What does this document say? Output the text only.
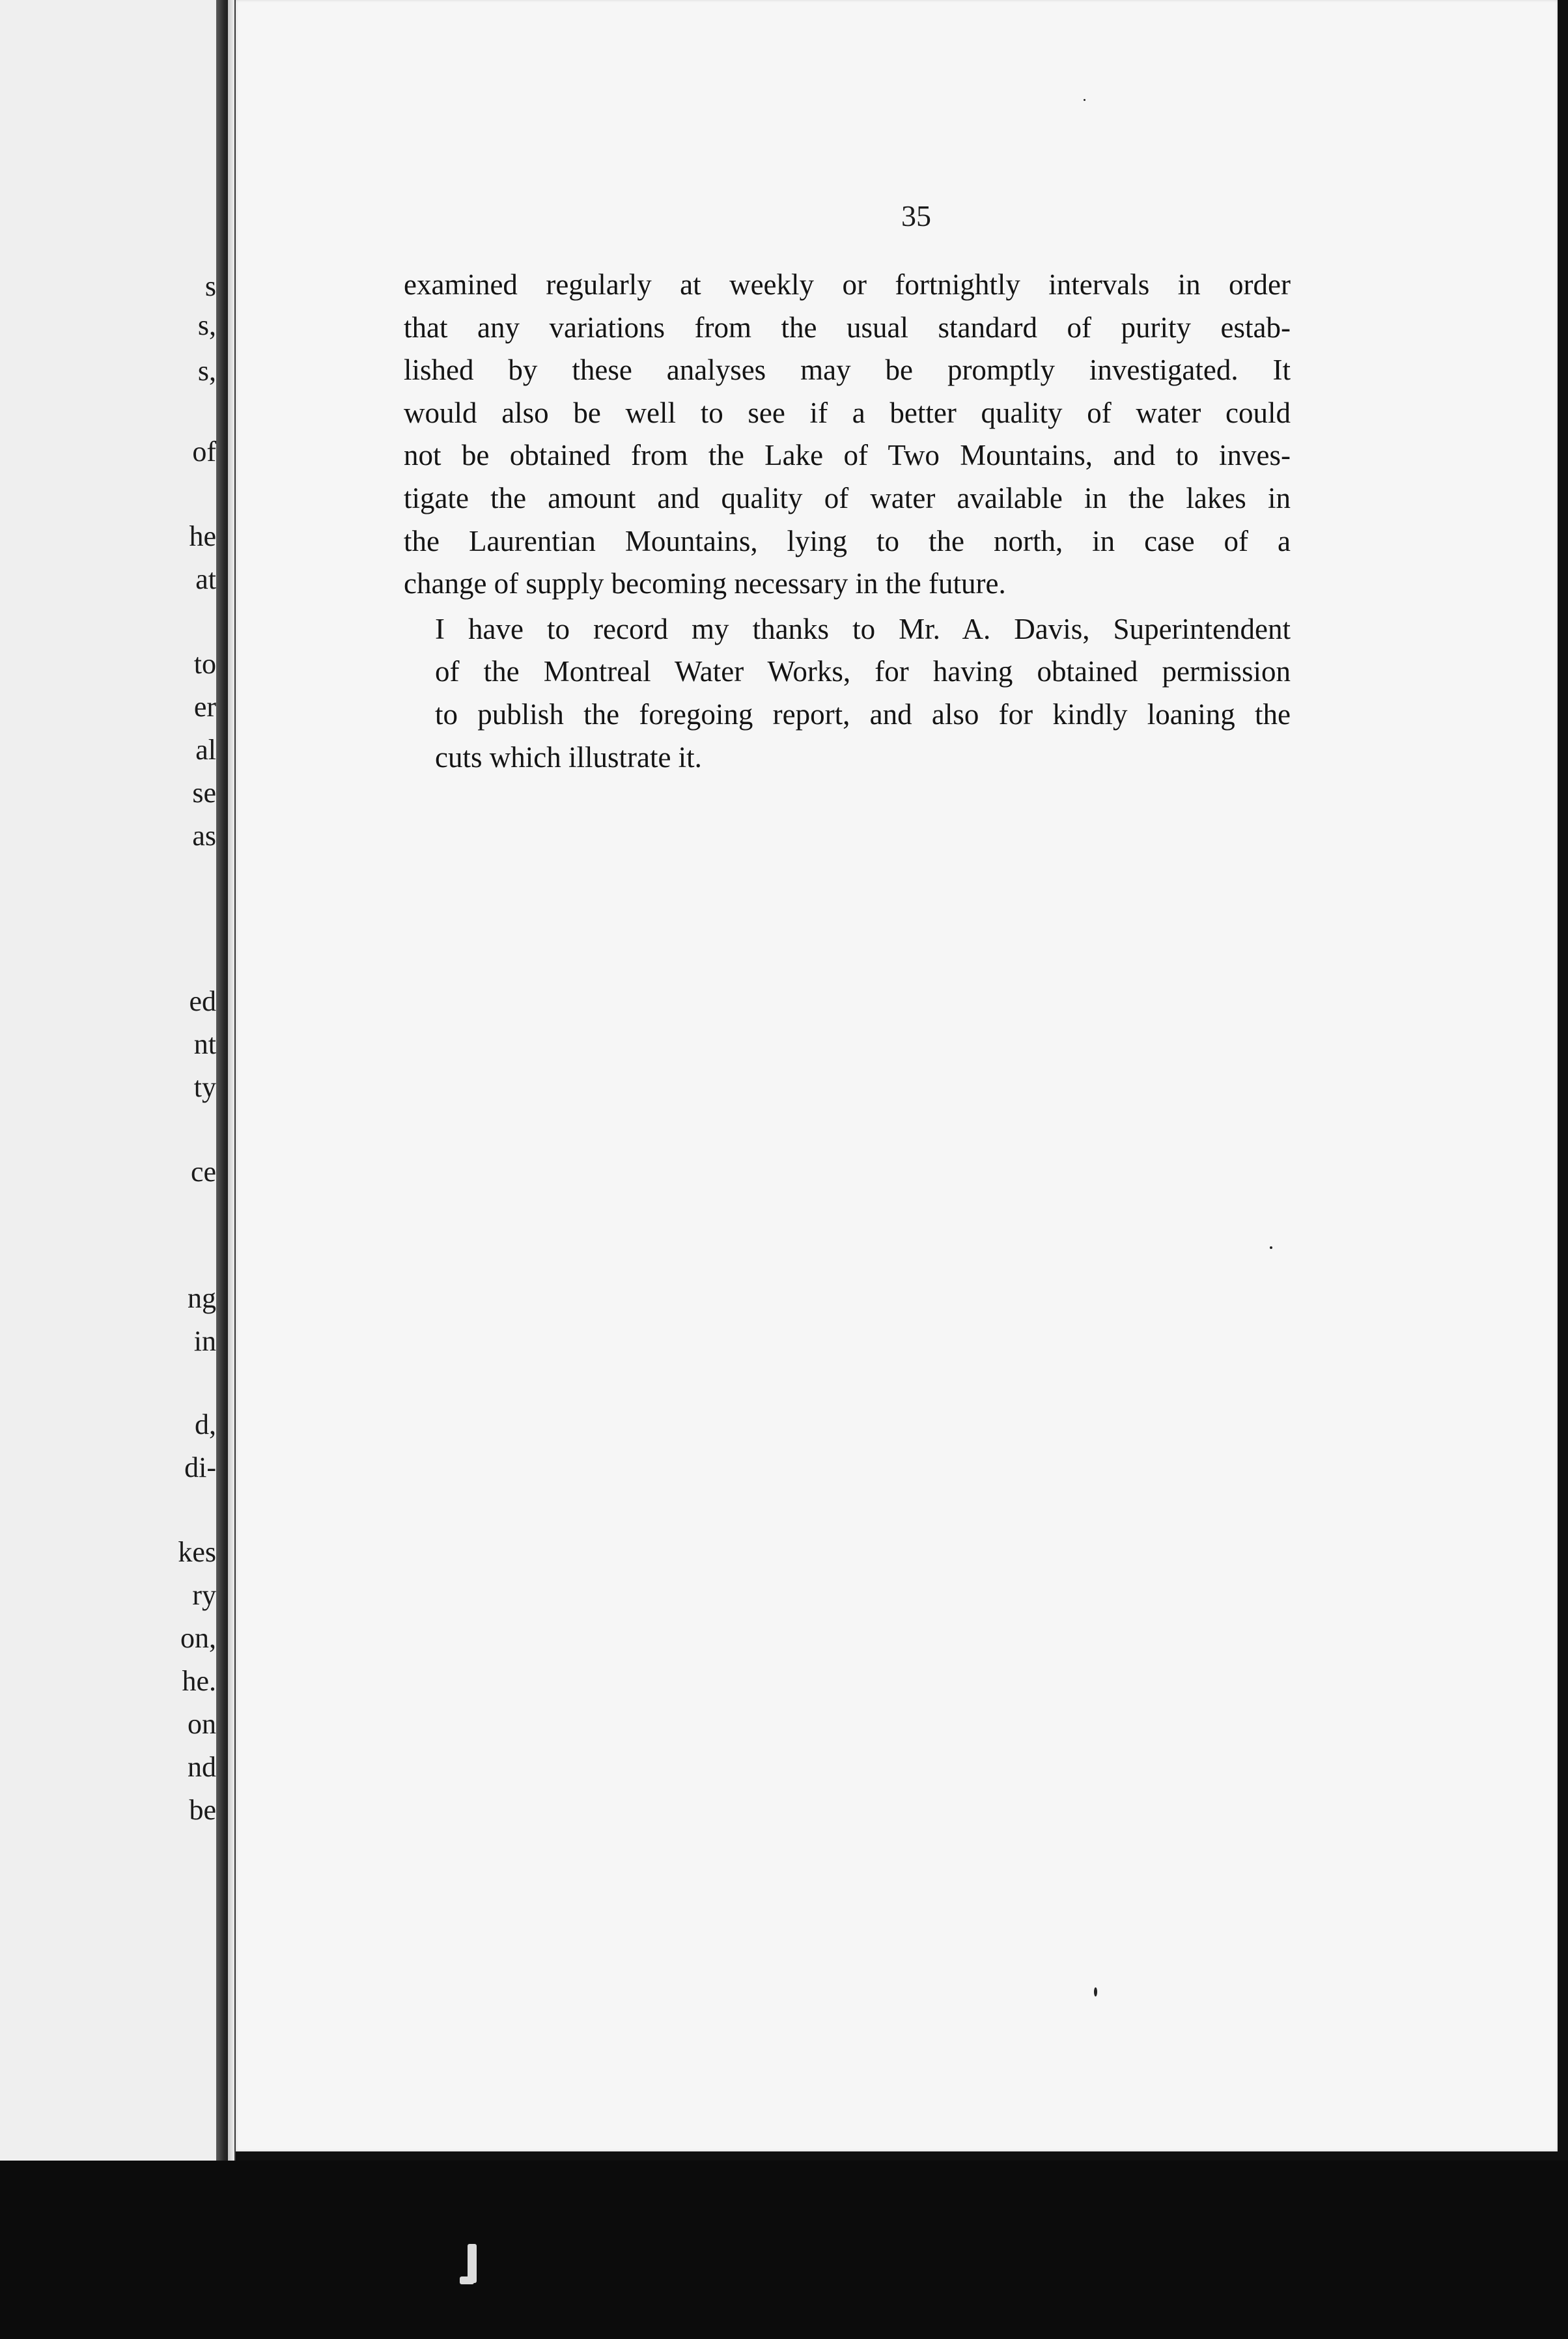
s
s,
s,
of
he
at
to
er
al
se
as
ed
nt
ty
ce
ng
in
d,
di-
kes
ry
on,
he.
on
nd
be
35

examined regularly at weekly or fortnightly intervals in order
that any variations from the usual standard of purity estab-
lished by these analyses may be promptly investigated. It
would also be well to see if a better quality of water could
not be obtained from the Lake of Two Mountains, and to inves-
tigate the amount and quality of water available in the lakes in
the Laurentian Mountains, lying to the north, in case of a
change of supply becoming necessary in the future.

I have to record my thanks to Mr. A. Davis, Superintendent
of the Montreal Water Works, for having obtained permission
to publish the foregoing report, and also for kindly loaning the
cuts which illustrate it.
